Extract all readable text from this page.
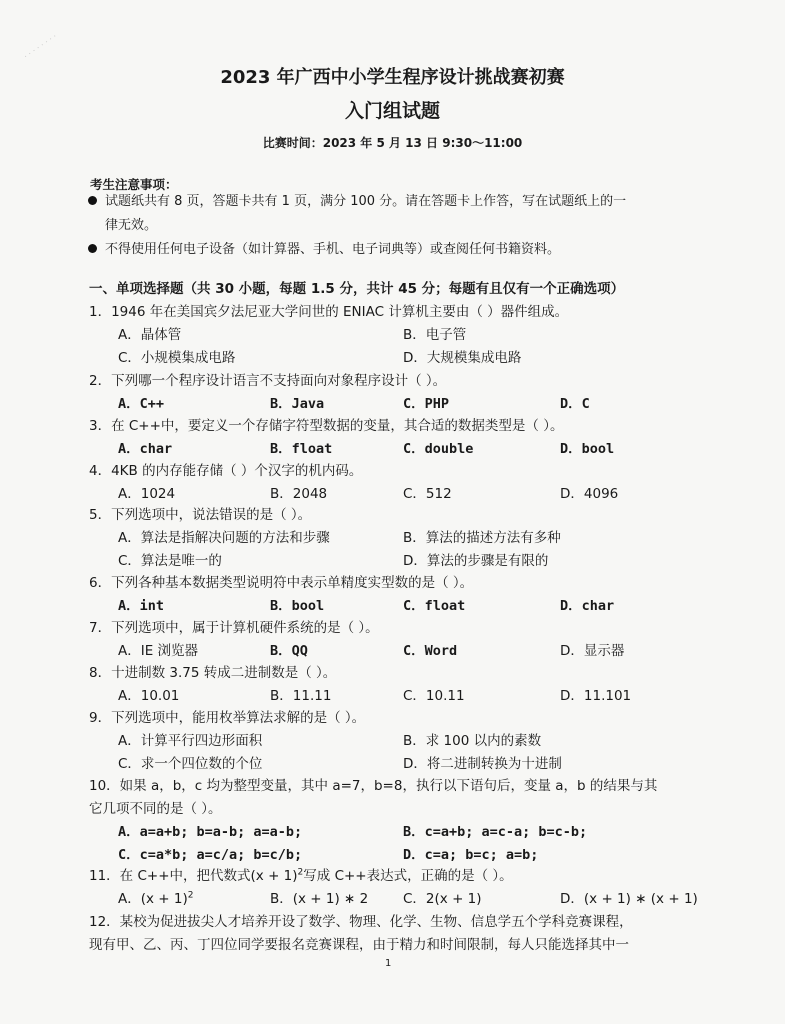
. . . . . . . .
2023 年广西中小学生程序设计挑战赛初赛
入门组试题
比赛时间：2023 年 5 月 13 日 9:30～11:00
考生注意事项：
试题纸共有 8 页，答题卡共有 1 页，满分 100 分。请在答题卡上作答，写在试题纸上的一
律无效。
不得使用任何电子设备（如计算器、手机、电子词典等）或查阅任何书籍资料。
一、单项选择题（共 30 小题，每题 1.5 分，共计 45 分；每题有且仅有一个正确选项）
1．1946 年在美国宾夕法尼亚大学问世的 ENIAC 计算机主要由（ ）器件组成。
A．晶体管	B．电子管
C．小规模集成电路	D．大规模集成电路
2．下列哪一个程序设计语言不支持面向对象程序设计（ ）。
A．C++	B．Java	C．PHP	D．C
3．在 C++中，要定义一个存储字符型数据的变量，其合适的数据类型是（ ）。
A．char	B．float	C．double	D．bool
4．4KB 的内存能存储（ ）个汉字的机内码。
A．1024	B．2048	C．512	D．4096
5．下列选项中，说法错误的是（ ）。
A．算法是指解决问题的方法和步骤	B．算法的描述方法有多种
C．算法是唯一的	D．算法的步骤是有限的
6．下列各种基本数据类型说明符中表示单精度实型数的是（ ）。
A．int	B．bool	C．float	D．char
7．下列选项中，属于计算机硬件系统的是（ ）。
A．IE 浏览器	B．QQ	C．Word	D．显示器
8．十进制数 3.75 转成二进制数是（ ）。
A．10.01	B．11.11	C．10.11	D．11.101
9．下列选项中，能用枚举算法求解的是（ ）。
A．计算平行四边形面积	B．求 100 以内的素数
C．求一个四位数的个位	D．将二进制转换为十进制
10．如果 a，b，c 均为整型变量，其中 a=7，b=8，执行以下语句后，变量 a，b 的结果与其
它几项不同的是（ ）。
A．a=a+b; b=a-b; a=a-b;	B．c=a+b; a=c-a; b=c-b;
C．c=a*b; a=c/a; b=c/b;	D．c=a; b=c; a=b;
11．在 C++中，把代数式$(x + 1)^2$写成 C++表达式，正确的是（ ）。
A．$(x + 1)^2$	B．(x + 1) ∗ 2	C．2(x + 1)	D．(x + 1) ∗ (x + 1)
12．某校为促进拔尖人才培养开设了数学、物理、化学、生物、信息学五个学科竞赛课程，
现有甲、乙、丙、丁四位同学要报名竞赛课程，由于精力和时间限制，每人只能选择其中一
1
